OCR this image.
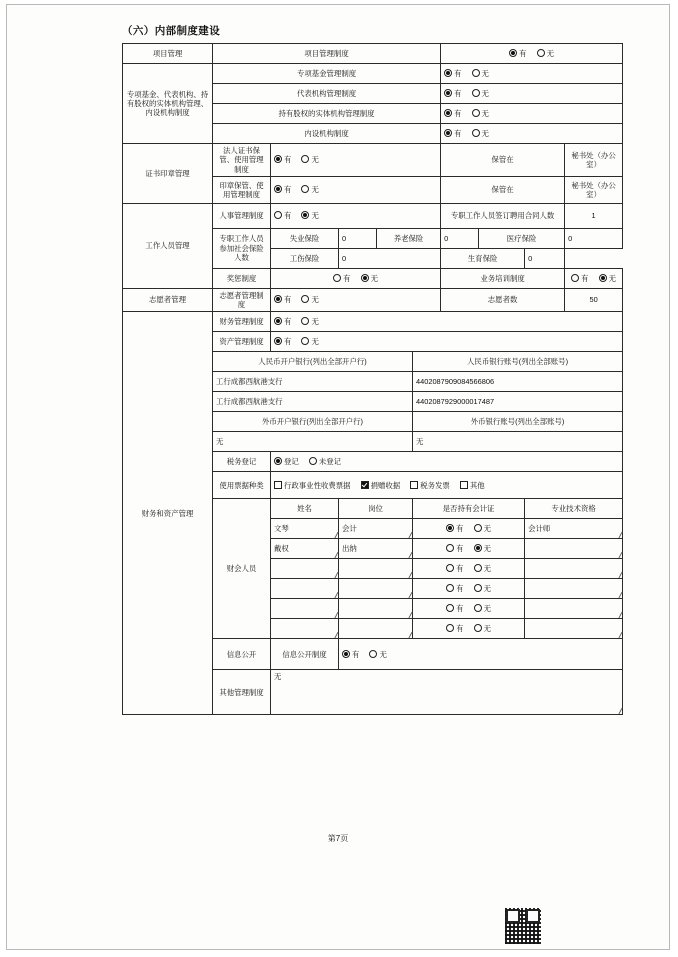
（六）内部制度建设
项目管理	项目管理制度					有 无			
专项基金、代表机构、持有股权的实体机构管理、内设机构制度	专项基金管理制度					有 无			
	代表机构管理制度					有 无			
	持有股权的实体机构管理制度					有 无			
	内设机构制度					有 无			
证书印章管理	法人证书保管、使用管理制度	有 无				保管在			秘书处（办公室）
	印章保管、使用管理制度	有 无				保管在			秘书处（办公室）
工作人员管理	人事管理制度	有 无				专职工作人员签订聘用合同人数			1
	专职工作人员参加社会保险人数	失业保险	0	养老保险		0	医疗保险		0
		工伤保险	0			生育保险		0	
	奖惩制度	有 无				业务培训制度			有 无
志愿者管理	志愿者管理制度	有 无				志愿者数			50
财务和资产管理	财务管理制度	有 无							
	资产管理制度	有 无							
	人民币开户银行(列出全部开户行)				人民币银行账号(列出全部账号)				
	工行成都西航港支行				4402087909084566806				
	工行成都西航港支行				4402087929000017487				
	外币开户银行(列出全部开户行)				外币银行账号(列出全部账号)				
	无				无				
	税务登记	登记 未登记							
	使用票据种类	行政事业性收费票据 捐赠收据 税务发票 其他							
	财会人员	姓名	岗位		是否持有会计证			专业技术资格	
		文琴	会计		有 无			会计师	
		戴权	出纳		有 无				
					有 无				
					有 无				
					有 无				
					有 无				
	信息公开	信息公开制度	有 无						
	其他管理制度	无							
第7页
